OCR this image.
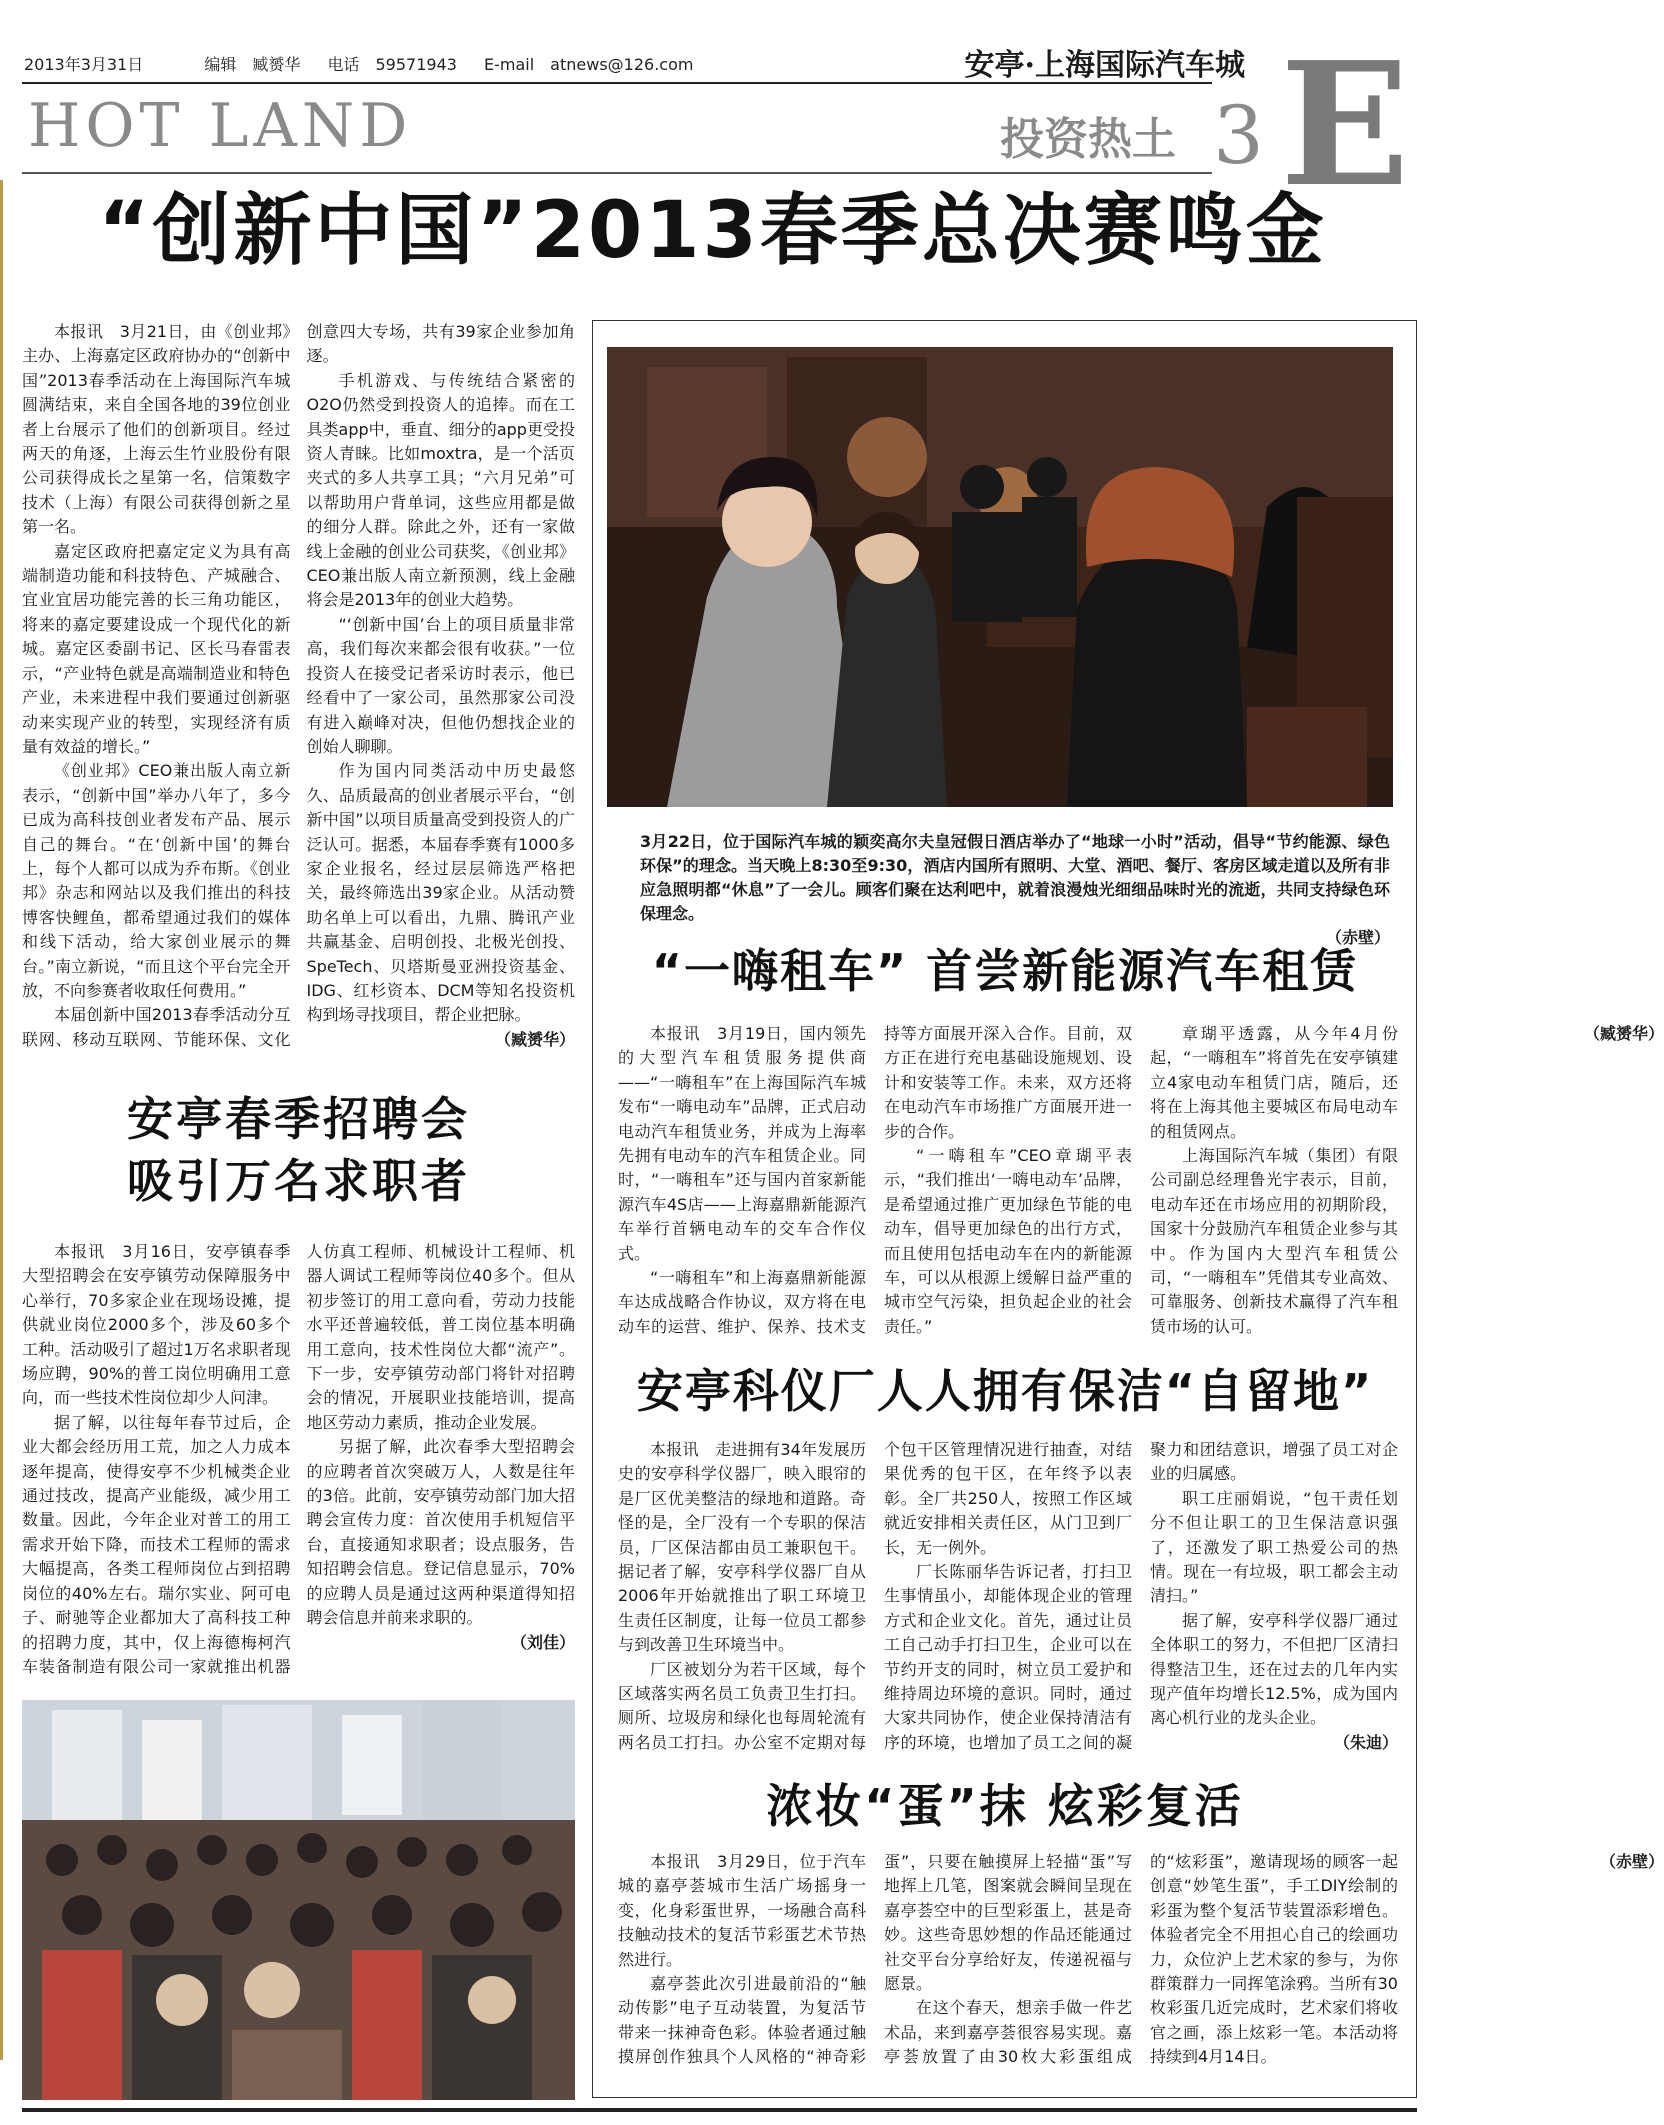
2013年3月31日	编辑　臧赟华 电话　59571943 E-mail　atnews@126.com	安亭·上海国际汽车城
HOT LAND	投资热土 3 E
“创新中国”2013春季总决赛鸣金

本报讯　3月21日，由《创业邦》主办、上海嘉定区政府协办的“创新中国”2013春季活动在上海国际汽车城圆满结束，来自全国各地的39位创业者上台展示了他们的创新项目。经过两天的角逐，上海云生竹业股份有限公司获得成长之星第一名，信策数字技术（上海）有限公司获得创新之星第一名。

嘉定区政府把嘉定定义为具有高端制造功能和科技特色、产城融合、宜业宜居功能完善的长三角功能区，将来的嘉定要建设成一个现代化的新城。嘉定区委副书记、区长马春雷表示，“产业特色就是高端制造业和特色产业，未来进程中我们要通过创新驱动来实现产业的转型，实现经济有质量有效益的增长。”

《创业邦》CEO兼出版人南立新表示，“创新中国”举办八年了，多今已成为高科技创业者发布产品、展示自己的舞台。“在‘创新中国’的舞台上，每个人都可以成为乔布斯。《创业邦》杂志和网站以及我们推出的科技博客快鲤鱼，都希望通过我们的媒体和线下活动，给大家创业展示的舞台。”南立新说，“而且这个平台完全开放，不向参赛者收取任何费用。”

本届创新中国2013春季活动分互联网、移动互联网、节能环保、文化创意四大专场，共有39家企业参加角逐。

手机游戏、与传统结合紧密的O2O仍然受到投资人的追捧。而在工具类app中，垂直、细分的app更受投资人青睐。比如moxtra，是一个活页夹式的多人共享工具；“六月兄弟”可以帮助用户背单词，这些应用都是做的细分人群。除此之外，还有一家做线上金融的创业公司获奖，《创业邦》CEO兼出版人南立新预测，线上金融将会是2013年的创业大趋势。

“‘创新中国’台上的项目质量非常高，我们每次来都会很有收获。”一位投资人在接受记者采访时表示，他已经看中了一家公司，虽然那家公司没有进入巅峰对决，但他仍想找企业的创始人聊聊。

作为国内同类活动中历史最悠久、品质最高的创业者展示平台，“创新中国”以项目质量高受到投资人的广泛认可。据悉，本届春季赛有1000多家企业报名，经过层层筛选严格把关，最终筛选出39家企业。从活动赞助名单上可以看出，九鼎、腾讯产业共赢基金、启明创投、北极光创投、SpeTech、贝塔斯曼亚洲投资基金、IDG、红杉资本、DCM等知名投资机构到场寻找项目，帮企业把脉。

（臧赟华）
安亭春季招聘会
吸引万名求职者

本报讯　3月16日，安亭镇春季大型招聘会在安亭镇劳动保障服务中心举行，70多家企业在现场设摊，提供就业岗位2000多个，涉及60多个工种。活动吸引了超过1万名求职者现场应聘，90%的普工岗位明确用工意向，而一些技术性岗位却少人问津。

据了解，以往每年春节过后，企业大都会经历用工荒，加之人力成本逐年提高，使得安亭不少机械类企业通过技改，提高产业能级，减少用工数量。因此，今年企业对普工的用工需求开始下降，而技术工程师的需求大幅提高，各类工程师岗位占到招聘岗位的40%左右。瑞尔实业、阿可电子、耐驰等企业都加大了高科技工种的招聘力度，其中，仅上海德梅柯汽车装备制造有限公司一家就推出机器人仿真工程师、机械设计工程师、机器人调试工程师等岗位40多个。但从初步签订的用工意向看，劳动力技能水平还普遍较低，普工岗位基本明确用工意向，技术性岗位大都“流产”。下一步，安亭镇劳动部门将针对招聘会的情况，开展职业技能培训，提高地区劳动力素质，推动企业发展。

另据了解，此次春季大型招聘会的应聘者首次突破万人，人数是往年的3倍。此前，安亭镇劳动部门加大招聘会宣传力度：首次使用手机短信平台，直接通知求职者；设点服务，告知招聘会信息。登记信息显示，70%的应聘人员是通过这两种渠道得知招聘会信息并前来求职的。

（刘佳）
3月22日，位于国际汽车城的颖奕高尔夫皇冠假日酒店举办了“地球一小时”活动，倡导“节约能源、绿色环保”的理念。当天晚上8:30至9:30，酒店内国所有照明、大堂、酒吧、餐厅、客房区域走道以及所有非应急照明都“休息”了一会儿。顾客们聚在达利吧中，就着浪漫烛光细细品味时光的流逝，共同支持绿色环保理念。
（赤壁）
“一嗨租车” 首尝新能源汽车租赁

本报讯　3月19日，国内领先的大型汽车租赁服务提供商——“一嗨租车”在上海国际汽车城发布“一嗨电动车”品牌，正式启动电动汽车租赁业务，并成为上海率先拥有电动车的汽车租赁企业。同时，“一嗨租车”还与国内首家新能源汽车4S店——上海嘉鼎新能源汽车举行首辆电动车的交车合作仪式。

“一嗨租车”和上海嘉鼎新能源车达成战略合作协议，双方将在电动车的运营、维护、保养、技术支持等方面展开深入合作。目前，双方正在进行充电基础设施规划、设计和安装等工作。未来，双方还将在电动汽车市场推广方面展开进一步的合作。

“一嗨租车”CEO章瑚平表示，“我们推出‘一嗨电动车’品牌，是希望通过推广更加绿色节能的电动车，倡导更加绿色的出行方式，而且使用包括电动车在内的新能源车，可以从根源上缓解日益严重的城市空气污染，担负起企业的社会责任。”

章瑚平透露，从今年4月份起，“一嗨租车”将首先在安亭镇建立4家电动车租赁门店，随后，还将在上海其他主要城区布局电动车的租赁网点。

上海国际汽车城（集团）有限公司副总经理鲁光宇表示，目前，电动车还在市场应用的初期阶段，国家十分鼓励汽车租赁企业参与其中。作为国内大型汽车租赁公司，“一嗨租车”凭借其专业高效、可靠服务、创新技术赢得了汽车租赁市场的认可。

（臧赟华）
安亭科仪厂人人拥有保洁“自留地”

本报讯　走进拥有34年发展历史的安亭科学仪器厂，映入眼帘的是厂区优美整洁的绿地和道路。奇怪的是，全厂没有一个专职的保洁员，厂区保洁都由员工兼职包干。据记者了解，安亭科学仪器厂自从2006年开始就推出了职工环境卫生责任区制度，让每一位员工都参与到改善卫生环境当中。

厂区被划分为若干区域，每个区域落实两名员工负责卫生打扫。厕所、垃圾房和绿化也每周轮流有两名员工打扫。办公室不定期对每个包干区管理情况进行抽查，对结果优秀的包干区，在年终予以表彰。全厂共250人，按照工作区域就近安排相关责任区，从门卫到厂长，无一例外。

厂长陈丽华告诉记者，打扫卫生事情虽小，却能体现企业的管理方式和企业文化。首先，通过让员工自己动手打扫卫生，企业可以在节约开支的同时，树立员工爱护和维持周边环境的意识。同时，通过大家共同协作，使企业保持清洁有序的环境，也增加了员工之间的凝聚力和团结意识，增强了员工对企业的归属感。

职工庄丽娟说，“包干责任划分不但让职工的卫生保洁意识强了，还激发了职工热爱公司的热情。现在一有垃圾，职工都会主动清扫。”

据了解，安亭科学仪器厂通过全体职工的努力，不但把厂区清扫得整洁卫生，还在过去的几年内实现产值年均增长12.5%，成为国内离心机行业的龙头企业。

（朱迪）
浓妆“蛋”抹 炫彩复活

本报讯　3月29日，位于汽车城的嘉亭荟城市生活广场摇身一变，化身彩蛋世界，一场融合高科技触动技术的复活节彩蛋艺术节热然进行。

嘉亭荟此次引进最前沿的“触动传影”电子互动装置，为复活节带来一抹神奇色彩。体验者通过触摸屏创作独具个人风格的“神奇彩蛋”，只要在触摸屏上轻描“蛋”写地挥上几笔，图案就会瞬间呈现在嘉亭荟空中的巨型彩蛋上，甚是奇妙。这些奇思妙想的作品还能通过社交平台分享给好友，传递祝福与愿景。

在这个春天，想亲手做一件艺术品，来到嘉亭荟很容易实现。嘉亭荟放置了由30枚大彩蛋组成的“炫彩蛋”，邀请现场的顾客一起创意“妙笔生蛋”，手工DIY绘制的彩蛋为整个复活节装置添彩增色。体验者完全不用担心自己的绘画功力，众位沪上艺术家的参与，为你群策群力一同挥笔涂鸦。当所有30枚彩蛋几近完成时，艺术家们将收官之画，添上炫彩一笔。本活动将持续到4月14日。

（赤壁）
